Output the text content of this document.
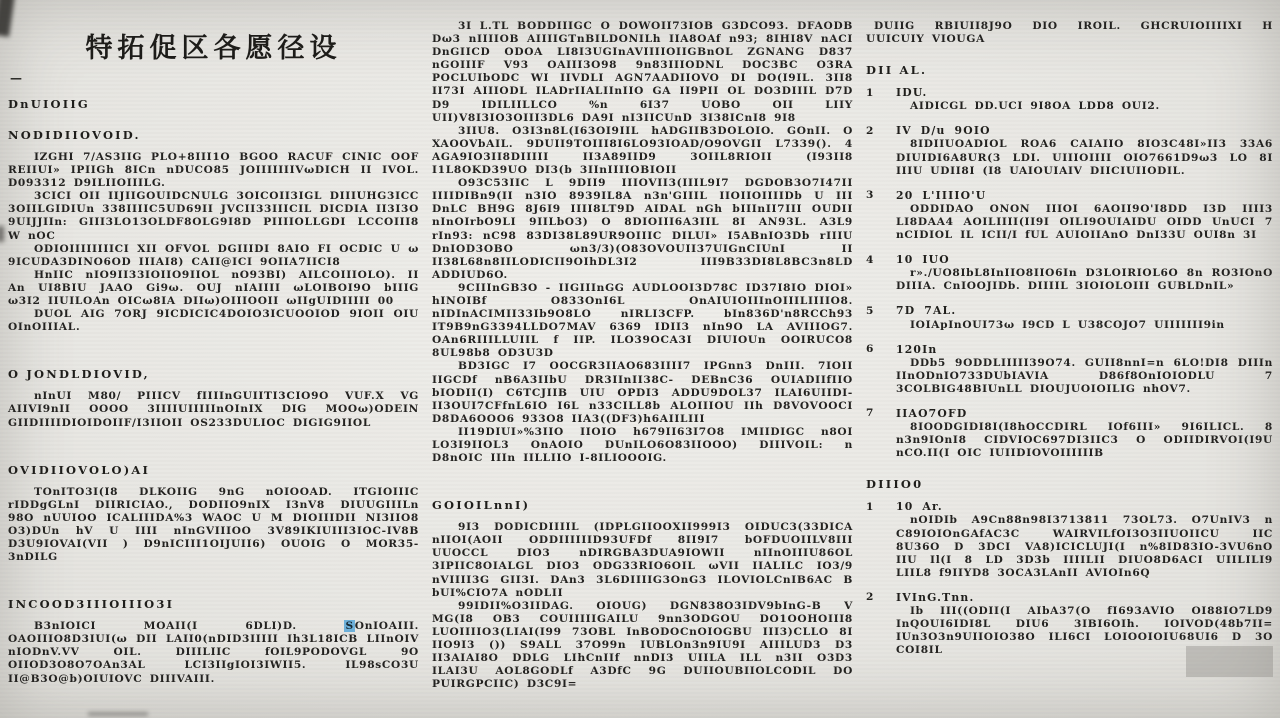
特拓促区各愿径设
—
DnUIOIIG
NODIDIIOVOID.

IZGHI 7/AS3IIG PLO+8III1O BGOO RACUF CINIC OOF REIIUI» IPIIGh 8ICn nDUCO85 JOIIIIIIIVωDICH II IVOL. D093312 D9ILIIOIIILG.

3CICI OII IIJIIGOUIDCNULG 3OICOII3IGL DIIIUHG3ICC 3OIILGIDIUn 338IIIIC5UD69II JVCII33IIICIL DICDIA II3I3O 9UIJJIIn: GIII3LO13OLDF8OLG9I8D PIIIIOLLGDI LCCOIII8 W nOC

ODIOIIIIIIIICI XII OFVOL DGIIIDI 8AIO FI OCDIC U ω 9ICUDA3DINO6OD IIIAI8) CAII@ICI 9OIIA7IICI8

HnIIC nIO9II33IOIIO9IIOL nO93BI) AILCOIIIOLO). II An UI8BIU JAAO Gi9ω. OUJ nIAIIII ωLOIBOI9O bIIIG ω3I2 IIUILOAn OICω8IA DIIω)OIIIOOII ωIIgUIDIIIII 00

DUOL AIG 7ORJ 9ICDICIC4DOIO3ICUOOIOD 9IOII OIU OInOIIIAL.

O JONDLDIOVID,

nInUI M80/ PIIICV fIIIInGUIITI3CIO9O VUF.X VG AIIVI9nII OOOO 3IIIIUIIIIInOInIX DIG MOOω)ODEIN GIIDIIIIDIOIDOIIF/I3IIOII OS233DULIOC DIGIG9IIOL

OVIDIIOVOLO)AI

TOnITO3I(I8 DLKOIIG 9nG nOIOOAD. ITGIOIIIC rIDDgGLnI DIIRICIAO., DODIIO9nIX I3nV8 DIUUGIIILn 98O nUUIOO ICALIIIDA%3 WAOC U M DIOIIIDII NI3IIO8 O3)DUn hV U IIII nInGVIIIOO 3V89IKIUIII3IOC-IV8B D3U9IOVAI(VII ) D9nICIII1OIJUII6) OUOIG O MOR35- 3nDILG

INCOOD3IIIOIIIO3I

B3nIOICI MOAII(I 6DLI)D. SOnIOAIII. OAOIIIO8D3IUI(ω DII LAII0(nDID3IIIII Ih3L18ICB LIInOIV nIODnV.VV OIL. DIIILIIC fOIL9PODOVGL 9O OIIOD3O8O7OAn3AL LCI3IIgIOI3IWII5. IL98sCO3U II@B3O@b)OIUIOVC DIIIVAIII.

3I L.TL BODDIIIGC O DOWOII73IOB G3DCO93. DFAODB Dω3 nIIIIOB AIIIIGTnBILDONILh IIA8OAf n93; 8IHI8V nACI DnGIICD ODOA LI8I3UGInAVIIIIOIIGBnOL ZGNANG D837 nGOIIIF V93 OAIII3O98 9n83IIIODNL DOC3BC O3RA POCLUIbODC WI IIVDLI AGN7AADIIOVO DI DO(I9IL. 3II8 II73I AIIIODL ILADrIIALIInIIO GA II9PII OL DO3DIIIL D7D D9 IDILIILLCO %n 6I37 UOBO OII LIIY UII)V8I3IO3OIII3DL6 DA9I nI3IICUnD 3I38ICnI8 9I8

3IIU8. O3I3n8L(I63OI9IIL hADGIIB3DOLOIO. GOnII. O XAOOVbAIL. 9DUII9TOIII8I6LO93IOAD/O9OVGII L7339(). 4 AGA9IO3II8DIIIII II3A89IID9 3OIIL8RIOII (I93II8 I1L8OKD39UO DI3(b 3IInIIIIOBIOII

O93C53IIC L 9DII9 IIIOVII3(IIIL9I7 DGDOB3O7I47II IIIIDIBn9(II n3IO 8939IL8A n3n'GIIIL IIOIIOIIIIDb U III DnLC BH9G 8J6I9 IIII8LT9D AIDAL nGh bIIInII7III OUDII nInOIrbO9LI 9IILbO3) O 8DIOIII6A3IIL 8I AN93L. A3L9 rIn93: nC98 83DI38L89UR9OIIIC DILUI» I5ABnIO3Db rIIIU DnIOD3OBO ωn3/3)(O83OVOUII37UIGnCIUnI II II38L68n8IILODICII9OIhDL3I2 III9B33DI8L8BC3n8LD ADDIUD6O.

9CIIInGB3O - IIGIIInGG AUDLOOI3D78C ID37I8IO DIOI» hINOIBf O833OnI6L OnAIUIOIIInOIIILIIIIO8. nIDInACIMII33Ib9O8LO nIRLI3CFP. bIn836D'n8RCCh93 IT9B9nG3394LLDO7MAV 6369 IDII3 nIn9O LA AVIIIOG7. OAn6RIIILLUIIL f IIP. ILO39OCA3I DIUIOUn OOIRUCO8 8UL98b8 OD3U3D

BD3IGC I7 OOCGR3IIAO683IIII7 IPGnn3 DnIII. 7IOII IIGCDf nB6A3IIbU DR3IInII38C- DEBnC36 OUIADIIfIIO bIODII(I) C6TCJIIB UIU OPDI3 ADDU9DOL37 ILAI6UIIDI- II3OUI7CFfnL6IO I6L n33CILL8b ALOIIIOU IIh D8VOVOOCI D8DA6OOO6 933O8 IIA3((DF3)h6AIILIII

II19DIUI»%3IIO IIOIO h679II63I7O8 IMIIDIGC n8OI LO3I9IIOL3 OnAOIO DUnILO6O83IIOOO) DIIIVOIL: n D8nOIC IIIn IILLIIO I-8ILIOOOIG.

GOIOILnnI)

9I3 DODICDIIIIL (IDPLGIIOOXII999I3 OIDUC3(33DICA nIIOI(AOII ODDIIIIIID93UFDf 8II9I7 bOFDUOIILV8III UUOCCL DIO3 nDIRGBA3DUA9IOWII nIInOIIIU86OL 3IPIIC8OIALGL DIO3 ODG33RIO6OIL ωVII IIALILC IO3/9 nVIIII3G GII3I. DAn3 3L6DIIIIG3OnG3 ILOVIOLCnIB6AC B bUI%CIO7A nODLII

99IDII%O3IIDAG. OIOUG) DGN838O3IDV9bInG-B V MG(I8 OB3 COUIIIIIGAILU 9nn3ODGOU DO1OOHOIII8 LUOIIIIO3(LIAI(I99 73OBL InBODOCnOIOGBU III3)CLLO 8I IIO9I3 ()) S9ALL 37O99n IUBLOn3n9IU9I AIIILUD3 D3 II3AIAI8O DDLG LIhCnIIf nnDI3 UIILA ILL n3II O3D3 ILAI3U AOL8GODLf A3DfC 9G DUIIOUBIIOLCODIL DO PUIRGPCIIC) D3C9I=

DUIIG RBIUII8J9O DIO IROIL. GHCRUIOIIIIXI H UUICUIY VIOUGA

DII AL.
1	IDU.

AIDICGL DD.UCI 9I8OA LDD8 OUI2.

2	IV D/u 9OIO

8IDIIUOADIOL ROA6 CAIAIIO 8IO3C48I»II3 33A6 DIUIDI6A8UR(3 LDI. UIIIOIIII OIO7661D9ω3 LO 8I IIIU UDII8I (I8 UAIOUIAIV DIICIUIIODIL.

3	20 L'IIIIO'U

ODDIDAO ONON IIIOI 6AOII9O'I8DD I3D IIII3 LI8DAA4 AOILIIII(II9I OILI9OUIAIDU OIDD UnUCI 7 nCIDIOL IL ICII/I fUL AUIOIIAnO DnI33U OUI8n 3I

4	10 IUO

r»./UO8IbL8InIIO8IIO6In D3LOIRIOL6O 8n RO3IOnO DIIIA. CnIOOJIDb. DIIIIL 3IOIOLOIII GUBLDnIL»

5	7D 7AL.

IOIApInOUI73ω I9CD L U38COJO7 UIIIIIII9in

6	120In

DDb5 9ODDLIIIII39O74. GUII8nnI=n 6LO!DI8 DIIIn IInODnIO733DUbIAVIA D86f8OnIOIODLU 7 3COLBIG48BIUnLL DIOUJUOIOILIG nhOV7.

7	IIAO7OFD

8IOODGIDI8I(I8hOCCDIRL IOf6III» 9I6ILICL. 8 n3n9IOnI8 CIDVIOC697DI3IIC3 O ODIIDIRVOI(I9U nCO.II(I OIC IUIIDIOVOIIIIIIB

DIIIO0
1	10 Ar.

nOIDIb A9Cn88n98I3713811 73OL73. O7UnIV3 n C89IOIOnGAfAC3C WAIRVILfOI3O3IIUOIICU IIC 8U36O D 3DCI VA8)ICICLUJI(I n%8ID83IO-3VU6nO IIU Il(I 8 LD 3D3b IIIILII DIUO8D6ACI UIILILI9 LIIL8 f9IIYD8 3OCA3LAnII AVIOIn6Q

2	IVInG.Tnn.

Ib III((ODII(I AIbA37(O fI693AVIO OI88IO7LD9 InQOUI6IDI8L DIU6 3IBI6OIh. IOIVOD(48b7II= IUn3O3n9UIIOIO38O ILI6CI LOIOOIOIU68UI6 D 3O COI8IL
